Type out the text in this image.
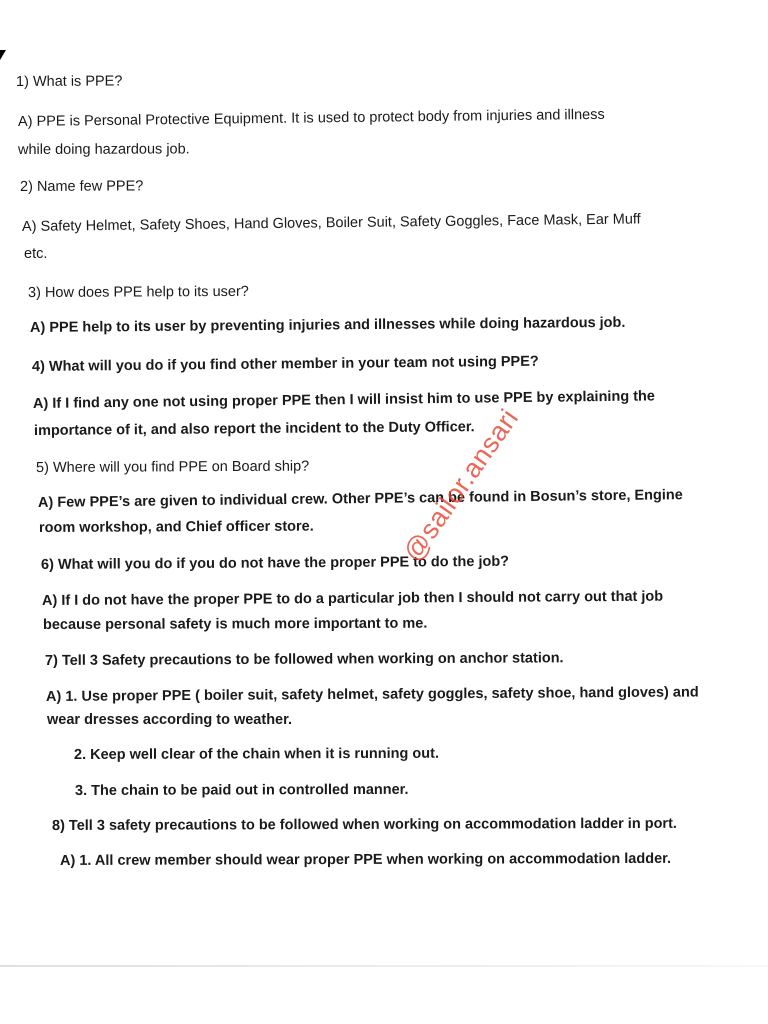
1) What is PPE?
A) PPE is Personal Protective Equipment. It is used to protect body from injuries and illness
while doing hazardous job.
2) Name few PPE?
A) Safety Helmet, Safety Shoes, Hand Gloves, Boiler Suit, Safety Goggles, Face Mask, Ear Muff
etc.
3) How does PPE help to its user?
A) PPE help to its user by preventing injuries and illnesses while doing hazardous job.
4) What will you do if you find other member in your team not using PPE?
A) If I find any one not using proper PPE then I will insist him to use PPE by explaining the
importance of it, and also report the incident to the Duty Officer.
5) Where will you find PPE on Board ship?
A) Few PPE’s are given to individual crew. Other PPE’s can be found in Bosun’s store, Engine
room workshop, and Chief officer store.
6) What will you do if you do not have the proper PPE to do the job?
A) If I do not have the proper PPE to do a particular job then I should not carry out that job
because personal safety is much more important to me.
7) Tell 3 Safety precautions to be followed when working on anchor station.
A) 1. Use proper PPE ( boiler suit, safety helmet, safety goggles, safety shoe, hand gloves) and
wear dresses according to weather.
2. Keep well clear of the chain when it is running out.
3. The chain to be paid out in controlled manner.
8) Tell 3 safety precautions to be followed when working on accommodation ladder in port.
A) 1. All crew member should wear proper PPE when working on accommodation ladder.
@sailor.ansari
